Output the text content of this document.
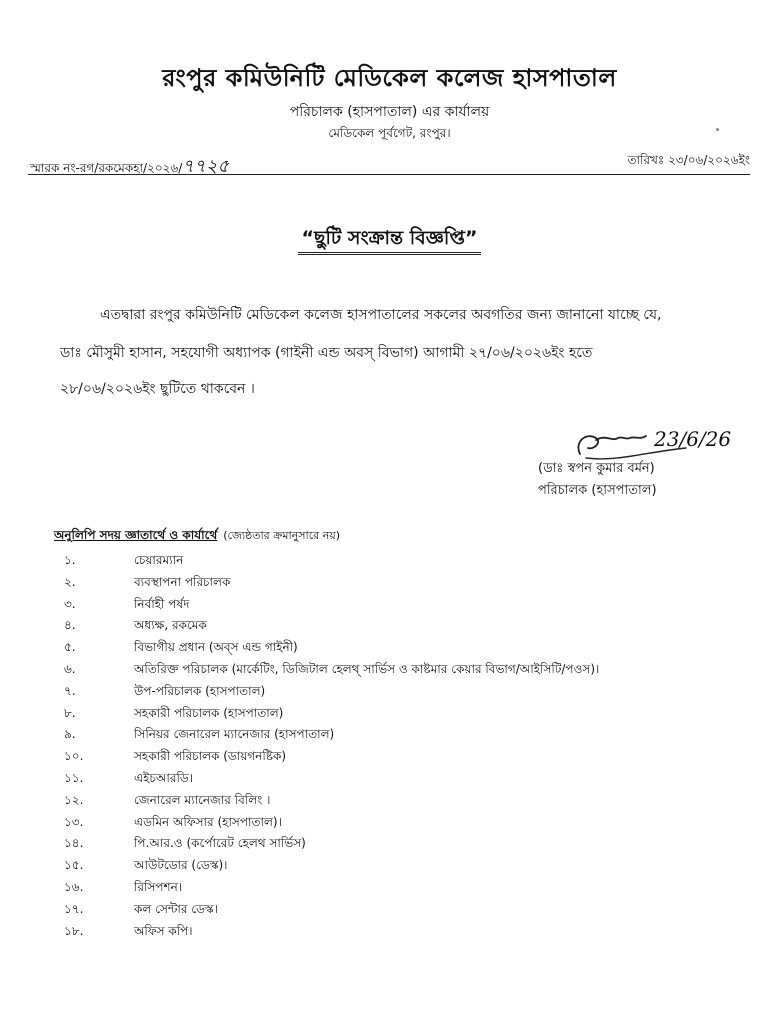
রংপুর কমিউনিটি মেডিকেল কলেজ হাসপাতাল
পরিচালক (হাসপাতাল) এর কার্যালয়
মেডিকেল পূর্বগেট, রংপুর।
স্মারক নং-রগ/রকমেকহা/২০২৬/৭৭২৫	তারিখঃ ২৩/০৬/২০২৬ইং
“ছুটি সংক্রান্ত বিজ্ঞপ্তি”
এতদ্বারা রংপুর কমিউনিটি মেডিকেল কলেজ হাসপাতালের সকলের অবগতির জন্য জানানো যাচ্ছে যে,
ডাঃ মৌসুমী হাসান, সহযোগী অধ্যাপক (গাইনী এন্ড অবস্ বিভাগ) আগামী ২৭/০৬/২০২৬ইং হতে
২৮/০৬/২০২৬ইং ছুটিতে থাকবেন ।
23/6/26
(ডাঃ স্বপন কুমার বর্মন)
পরিচালক (হাসপাতাল)
অনুলিপি সদয় জ্ঞাতার্থে ও কার্যার্থে (জ্যেষ্ঠতার ক্রমানুসারে নয়)
১.	চেয়ারম্যান
২.	ব্যবস্থাপনা পরিচালক
৩.	নির্বাহী পর্ষদ
৪.	অধ্যক্ষ, রকমেক
৫.	বিভাগীয় প্রধান (অব্স এন্ড গাইনী)
৬.	অতিরিক্ত পরিচালক (মার্কেটিং, ডিজিটাল হেলথ্ সার্ভিস ও কাষ্টমার কেয়ার বিভাগ/আইসিটি/পওস)।
৭.	উপ-পরিচালক (হাসপাতাল)
৮.	সহকারী পরিচালক (হাসপাতাল)
৯.	সিনিয়র জেনারেল ম্যানেজার (হাসপাতাল)
১০.	সহকারী পরিচালক (ডায়গনষ্টিক)
১১.	এইচআরডি।
১২.	জেনারেল ম্যানেজার বিলিং ।
১৩.	এডমিন অফিসার (হাসপাতাল)।
১৪.	পি.আর.ও (কর্পোরেট হেলথ সার্ভিস)
১৫.	আউটডোর (ডেস্ক)।
১৬.	রিসিপশন।
১৭.	কল সেন্টার ডেস্ক।
১৮.	অফিস কপি।
